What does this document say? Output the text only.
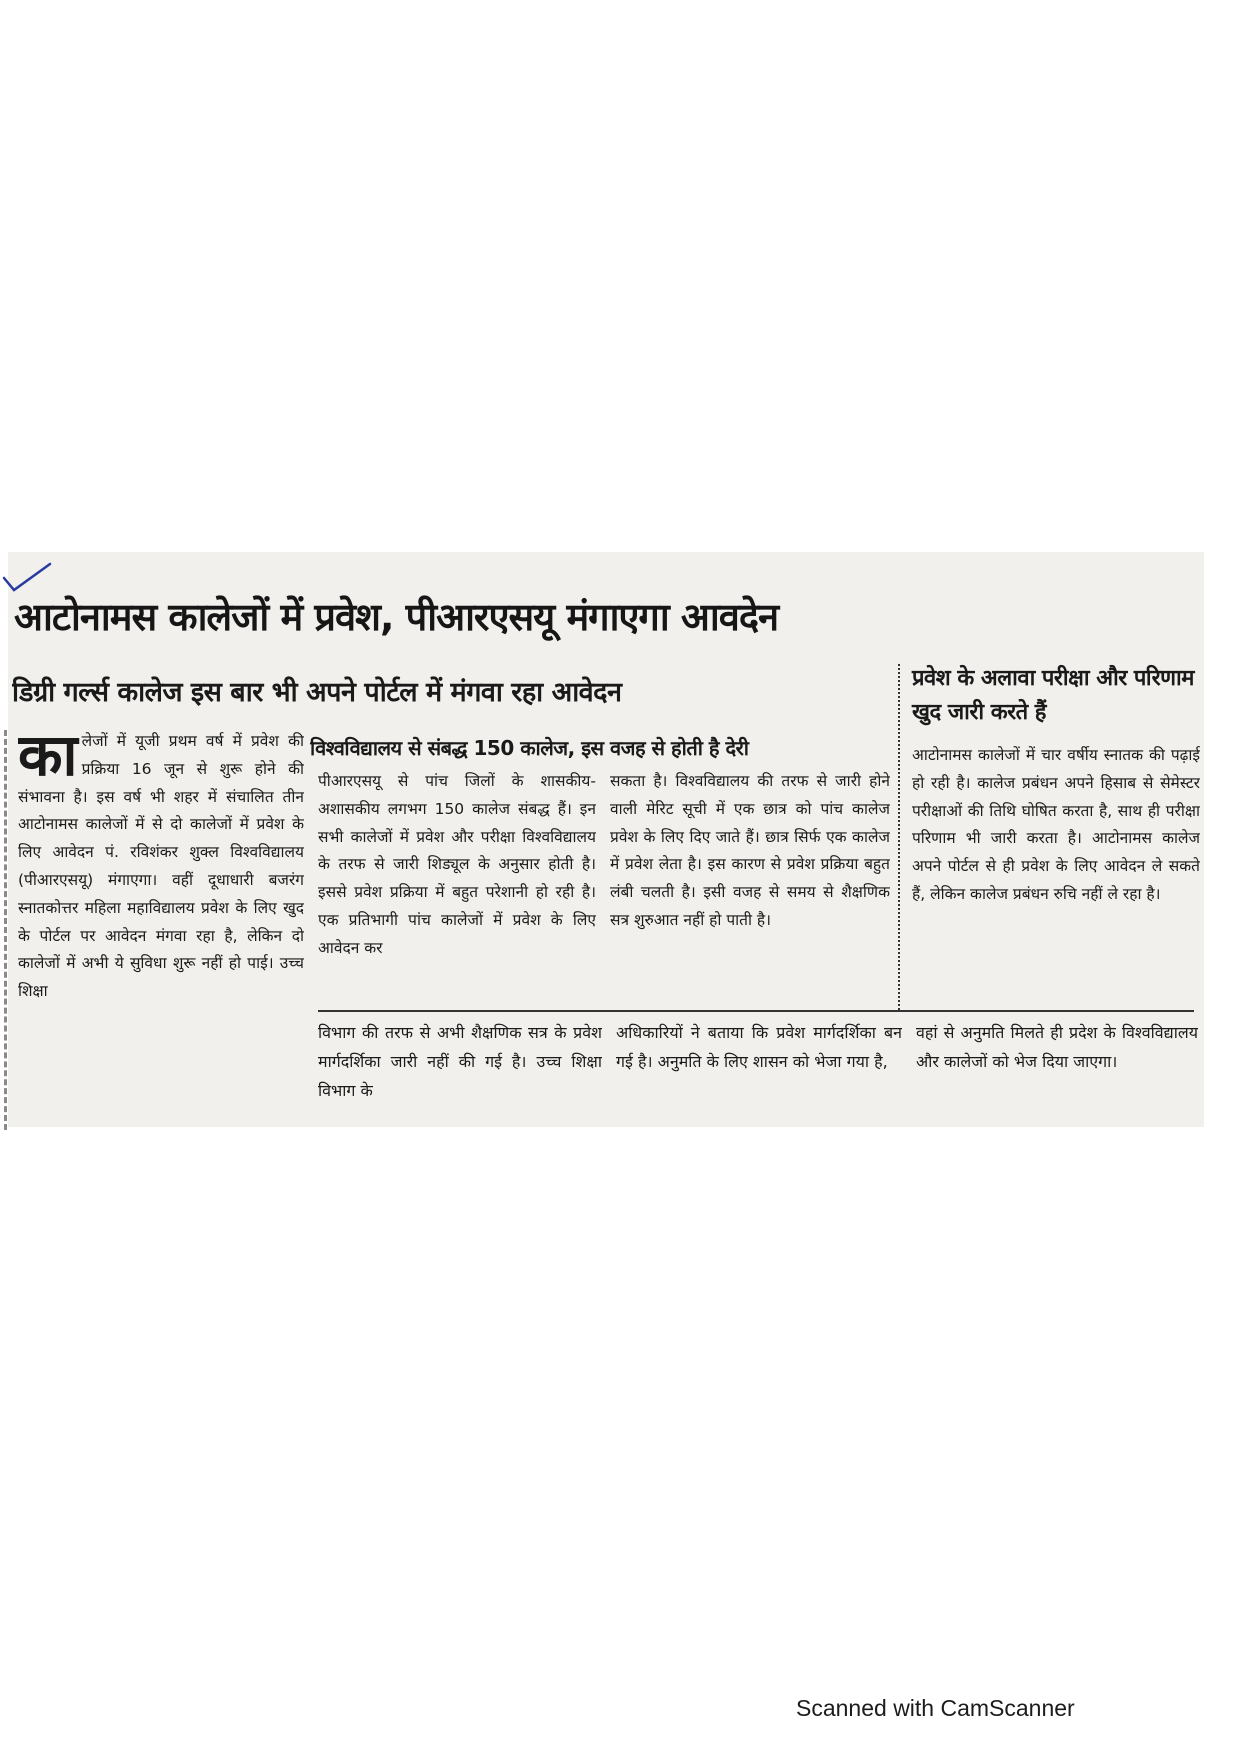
आटोनामस कालेजों में प्रवेश, पीआरएसयू मंगाएगा आवदेन
डिग्री गर्ल्स कालेज इस बार भी अपने पोर्टल में मंगवा रहा आवेदन	प्रवेश के अलावा परीक्षा और परिणाम खुद जारी करते हैं
विश्वविद्यालय से संबद्ध 150 कालेज, इस वजह से होती है देरी
कालेजों में यूजी प्रथम वर्ष में प्रवेश की प्रक्रिया 16 जून से शुरू होने की संभावना है। इस वर्ष भी शहर में संचालित तीन आटोनामस कालेजों में से दो कालेजों में प्रवेश के लिए आवेदन पं. रविशंकर शुक्ल विश्वविद्यालय (पीआरएसयू) मंगाएगा। वहीं दूधाधारी बजरंग स्नातकोत्तर महिला महाविद्यालय प्रवेश के लिए खुद के पोर्टल पर आवेदन मंगवा रहा है, लेकिन दो कालेजों में अभी ये सुविधा शुरू नहीं हो पाई। उच्च शिक्षा
पीआरएसयू से पांच जिलों के शासकीय-अशासकीय लगभग 150 कालेज संबद्ध हैं। इन सभी कालेजों में प्रवेश और परीक्षा विश्वविद्यालय के तरफ से जारी शिड्यूल के अनुसार होती है। इससे प्रवेश प्रक्रिया में बहुत परेशानी हो रही है। एक प्रतिभागी पांच कालेजों में प्रवेश के लिए आवेदन कर
सकता है। विश्वविद्यालय की तरफ से जारी होने वाली मेरिट सूची में एक छात्र को पांच कालेज प्रवेश के लिए दिए जाते हैं। छात्र सिर्फ एक कालेज में प्रवेश लेता है। इस कारण से प्रवेश प्रक्रिया बहुत लंबी चलती है। इसी वजह से समय से शैक्षणिक सत्र शुरुआत नहीं हो पाती है।
आटोनामस कालेजों में चार वर्षीय स्नातक की पढ़ाई हो रही है। कालेज प्रबंधन अपने हिसाब से सेमेस्टर परीक्षाओं की तिथि घोषित करता है, साथ ही परीक्षा परिणाम भी जारी करता है। आटोनामस कालेज अपने पोर्टल से ही प्रवेश के लिए आवेदन ले सकते हैं, लेकिन कालेज प्रबंधन रुचि नहीं ले रहा है।
विभाग की तरफ से अभी शैक्षणिक सत्र के प्रवेश मार्गदर्शिका जारी नहीं की गई है। उच्च शिक्षा विभाग के
अधिकारियों ने बताया कि प्रवेश मार्गदर्शिका बन गई है। अनुमति के लिए शासन को भेजा गया है,
वहां से अनुमति मिलते ही प्रदेश के विश्वविद्यालय और कालेजों को भेज दिया जाएगा।
Scanned with CamScanner
